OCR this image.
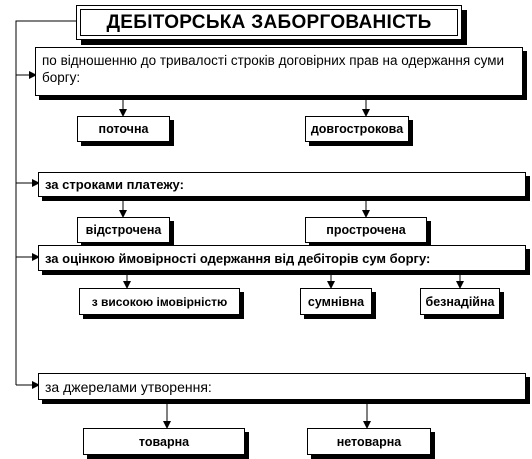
ДЕБІТОРСЬКА ЗАБОРГОВАНІСТЬ
по відношенню до тривалості строків договірних прав на одержання суми боргу:
поточна	довгострокова
за строками платежу:
відстрочена	прострочена
за оцінкою ймовірності одержання від дебіторів сум боргу:
з високою імовірністю	сумнівна	безнадійна
за джерелами утворення:
товарна	нетоварна
